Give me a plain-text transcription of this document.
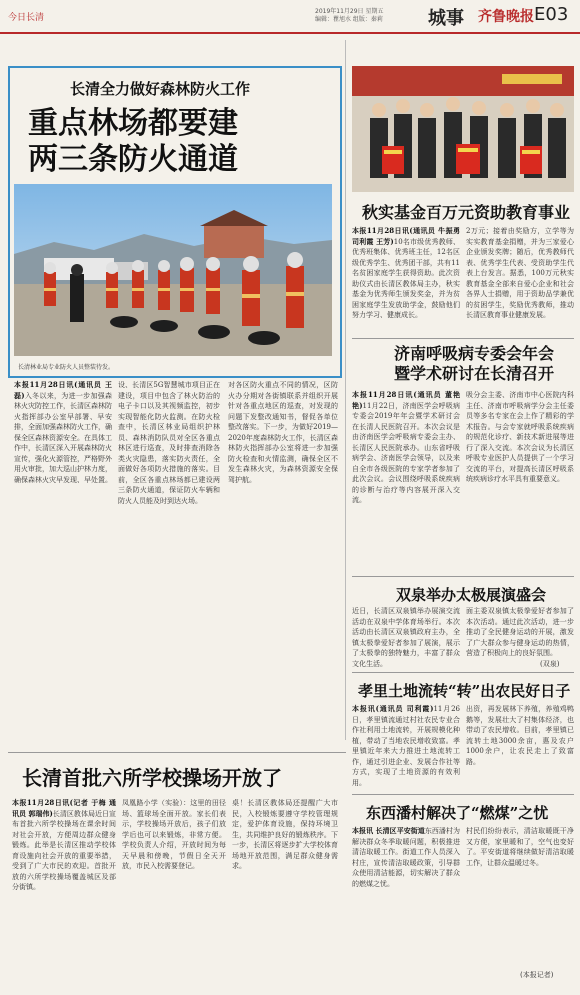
今日长清
2019年11月29日 星期五
编辑：瞿旭水 组版：秦莉	城事 齐鲁晚报 E03
长清全力做好森林防火工作
重点林场都要建
两三条防火通道
长清林业局专业防火人员整装待发。
本报11月28日讯(通讯员 王磊)入冬以来，为进一步加强森林火灾防控工作，长清区森林防火指挥部办公室早部署、早安排，全面加强森林防火工作，确保全区森林资源安全。在具体工作中，长清区深入开展森林防火宣传，强化火源管控，严格野外用火审批，加大巡山护林力度，确保森林火灾早发现、早处置。
设、长清区5G智慧城市项目正在建设，项目中包含了林火防治的电子卡口以及其视频监控，初步实现智能化防火监测。在防火检查中，长清区林业局组织护林员、森林消防队员对全区各重点林区进行巡查，及时排查消除各类火灾隐患，落实防火责任，全面做好各项防火措施的落实。目前，全区各重点林场都已建设两三条防火通道，保证防火车辆和防火人员能及时到达火场。
对各区防火重点不同的情况，区防火办分期对各街镇联系并组织开展针对各重点地区的巡查，对发现的问题下发整改通知书，督促各单位整改落实。下一步，为做好2019—2020年度森林防火工作，长清区森林防火指挥部办公室将进一步加强防火检查和火情监测，确保全区不发生森林火灾，为森林资源安全保驾护航。
秋实基金百万元资助教育事业
本报11月28日讯(通讯员 牛振勇 司利霞 王芳)10名市级优秀教师、优秀班集体、优秀班主任，12名区级优秀学生、优秀团干部，共有11名贫困家庭学生获得资助。此次资助仪式由长清区教体局主办，秋实基金为优秀师生颁发奖金，并为贫困家庭学生发放助学金，鼓励他们努力学习、健康成长。
2万元；接着由奖励方，立学等为实实教育基金捐赠，并为三家爱心企业颁发奖牌；随后，优秀教师代表、优秀学生代表、受资助学生代表上台发言。据悉，100万元秋实教育基金全部来自爱心企业和社会各界人士捐赠，用于资助品学兼优的贫困学生，奖励优秀教师，推动长清区教育事业健康发展。
济南呼吸病专委会年会
暨学术研讨在长清召开
本报11月28日讯(通讯员 董艳艳)11月22日，济南医学会呼吸病专委会2019年年会暨学术研讨会在长清人民医院召开。本次会议是由济南医学会呼吸病专委会主办、长清区人民医院承办。山东省呼吸病学会、济南医学会领导，以及来自全市各级医院的专家学者参加了此次会议。会议围绕呼吸系统疾病的诊断与治疗等内容展开深入交流。
吸分会主委、济南市中心医院内科主任、济南市呼吸病学分会主任委员等多名专家在会上作了精彩的学术报告。与会专家就呼吸系统疾病的规范化诊疗、新技术新进展等进行了深入交流。本次会议为长清区呼吸专业医护人员提供了一个学习交流的平台，对提高长清区呼吸系统疾病诊疗水平具有重要意义。
双泉举办太极展演盛会
近日，长清区双泉镇举办展演交流活动在双泉中学体育场举行。本次活动由长清区双泉镇政府主办，全镇太极拳爱好者参加了展演，展示了太极拳的独特魅力，丰富了群众文化生活。
面主委双泉镇太极拳爱好者参加了本次活动。通过此次活动，进一步推动了全民健身运动的开展，激发了广大群众参与健身运动的热情，营造了积极向上的良好氛围。
(双泉)
孝里土地流转“转”出农民好日子
本报讯(通讯员 司利霞)11月26日，孝里镇流通过村社农民专业合作社利用土地流转，开展规模化种植，带动了当地农民增收致富。孝里镇近年来大力推进土地流转工作，通过引进企业、发展合作社等方式，实现了土地资源的有效利用。
出资，再发展林下养殖，养殖鸡鸭鹅等，发展壮大了村集体经济，也带动了农民增收。目前，孝里镇已流转土地3000余亩，惠及农户1000余户，让农民走上了致富路。
长清首批六所学校操场开放了
本报11月28日讯(记者 于梅 通讯员 郭瑞伟)长清区教体局近日宣布首批六所学校操场在课余时间对社会开放，方便周边群众健身锻炼。此举是长清区推动学校体育设施向社会开放的重要举措，受到了广大市民的欢迎。首批开放的六所学校操场覆盖城区及部分街镇。
凤凰路小学（实验）：这里的田径场、篮球场全面开放。家长们表示，学校操场开放后，孩子们放学后也可以来锻炼，非常方便。学校负责人介绍，开放时间为每天早晨和傍晚，节假日全天开放，市民入校需要登记。
桌！长清区教体局还提醒广大市民，入校锻炼要遵守学校管理规定，爱护体育设施，保持环境卫生，共同维护良好的锻炼秩序。下一步，长清区将逐步扩大学校体育场地开放范围，满足群众健身需求。
东西潘村解决了“燃煤”之忧
本报讯 长清区平安街道东西潘村为解决群众冬季取暖问题，积极推进清洁取暖工作。街道工作人员深入村庄，宣传清洁取暖政策，引导群众使用清洁能源，切实解决了群众的燃煤之忧。
村民们纷纷表示，清洁取暖既干净又方便，家里暖和了，空气也变好了。平安街道将继续做好清洁取暖工作，让群众温暖过冬。
(本报记者)
